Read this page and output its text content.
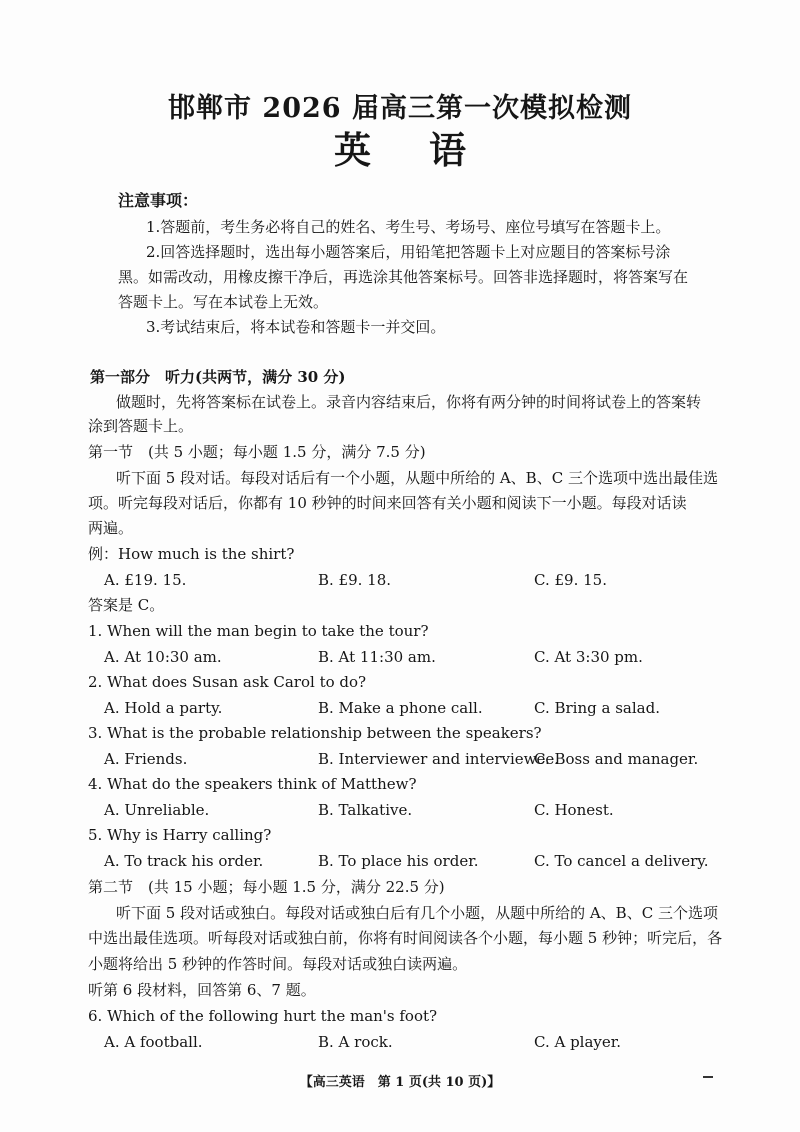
邯郸市 2026 届高三第一次模拟检测
英语
注意事项：
1.答题前，考生务必将自己的姓名、考生号、考场号、座位号填写在答题卡上。
2.回答选择题时，选出每小题答案后，用铅笔把答题卡上对应题目的答案标号涂
黑。如需改动，用橡皮擦干净后，再选涂其他答案标号。回答非选择题时，将答案写在
答题卡上。写在本试卷上无效。
3.考试结束后，将本试卷和答题卡一并交回。
第一部分　听力(共两节，满分 30 分)
做题时，先将答案标在试卷上。录音内容结束后，你将有两分钟的时间将试卷上的答案转
涂到答题卡上。
第一节　(共 5 小题；每小题 1.5 分，满分 7.5 分)
听下面 5 段对话。每段对话后有一个小题，从题中所给的 A、B、C 三个选项中选出最佳选
项。听完每段对话后，你都有 10 秒钟的时间来回答有关小题和阅读下一小题。每段对话读
两遍。
例：How much is the shirt?
A. £19. 15.	B. £9. 18.	C. £9. 15.
答案是 C。
1. When will the man begin to take the tour?
A. At 10:30 am.	B. At 11:30 am.	C. At 3:30 pm.
2. What does Susan ask Carol to do?
A. Hold a party.	B. Make a phone call.	C. Bring a salad.
3. What is the probable relationship between the speakers?
A. Friends.	B. Interviewer and interviewee.
C. Boss and manager.
4. What do the speakers think of Matthew?
A. Unreliable.	B. Talkative.	C. Honest.
5. Why is Harry calling?
A. To track his order.	B. To place his order.	C. To cancel a delivery.
第二节　(共 15 小题；每小题 1.5 分，满分 22.5 分)
听下面 5 段对话或独白。每段对话或独白后有几个小题，从题中所给的 A、B、C 三个选项
中选出最佳选项。听每段对话或独白前，你将有时间阅读各个小题，每小题 5 秒钟；听完后，各
小题将给出 5 秒钟的作答时间。每段对话或独白读两遍。
听第 6 段材料，回答第 6、7 题。
6. Which of the following hurt the man's foot?
A. A football.	B. A rock.	C. A player.
【高三英语　第 1 页(共 10 页)】
